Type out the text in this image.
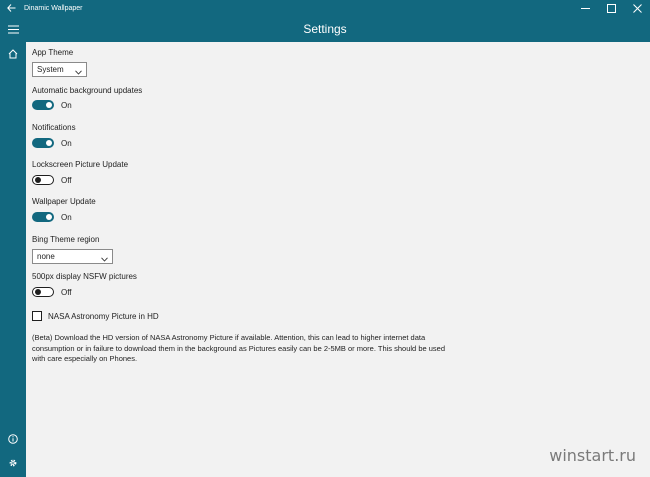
Dinamic Wallpaper
Settings
App Theme
System
Automatic background updates
On
Notifications
On
Lockscreen Picture Update
Off
Wallpaper Update
On
Bing Theme region
none
500px display NSFW pictures
Off
NASA Astronomy Picture in HD
(Beta) Download the HD version of NASA Astronomy Picture if available. Attention, this can lead to higher internet data consumption or in failure to download them in the background as Pictures easily can be 2-5MB or more. This should be used with care especially on Phones.
winstart.ru
